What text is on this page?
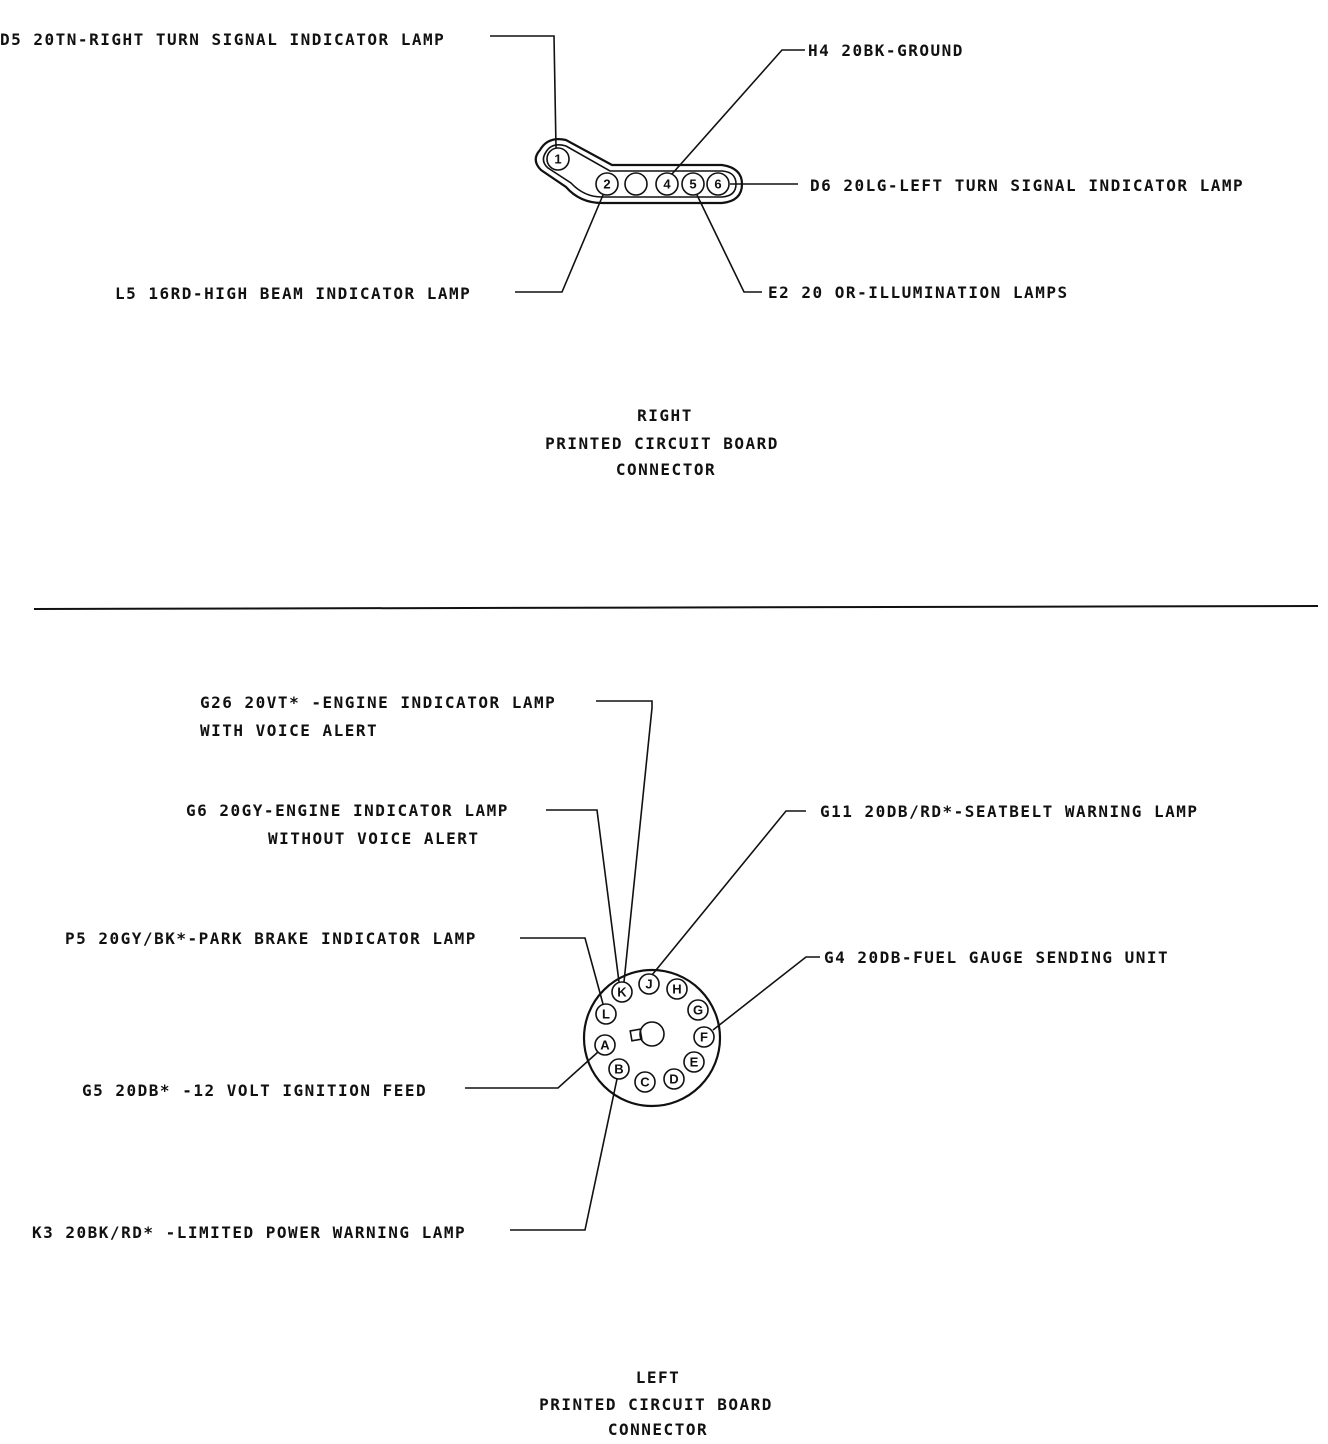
1
2	4 5 6
D5 20TN-RIGHT TURN SIGNAL INDICATOR LAMP
H4 20BK-GROUND
D6 20LG-LEFT TURN SIGNAL INDICATOR LAMP
L5 16RD-HIGH BEAM INDICATOR LAMP	E2 20 OR-ILLUMINATION LAMPS
RIGHT
PRINTED CIRCUIT BOARD
CONNECTOR
K
J H
G
F
E
D
C
B
A
L
G26 20VT* -ENGINE INDICATOR LAMP
WITH VOICE ALERT
G6 20GY-ENGINE INDICATOR LAMP
WITHOUT VOICE ALERT
G11 20DB/RD*-SEATBELT WARNING LAMP
P5 20GY/BK*-PARK BRAKE INDICATOR LAMP
G4 20DB-FUEL GAUGE SENDING UNIT
G5 20DB* -12 VOLT IGNITION FEED
K3 20BK/RD* -LIMITED POWER WARNING LAMP
LEFT
PRINTED CIRCUIT BOARD
CONNECTOR
